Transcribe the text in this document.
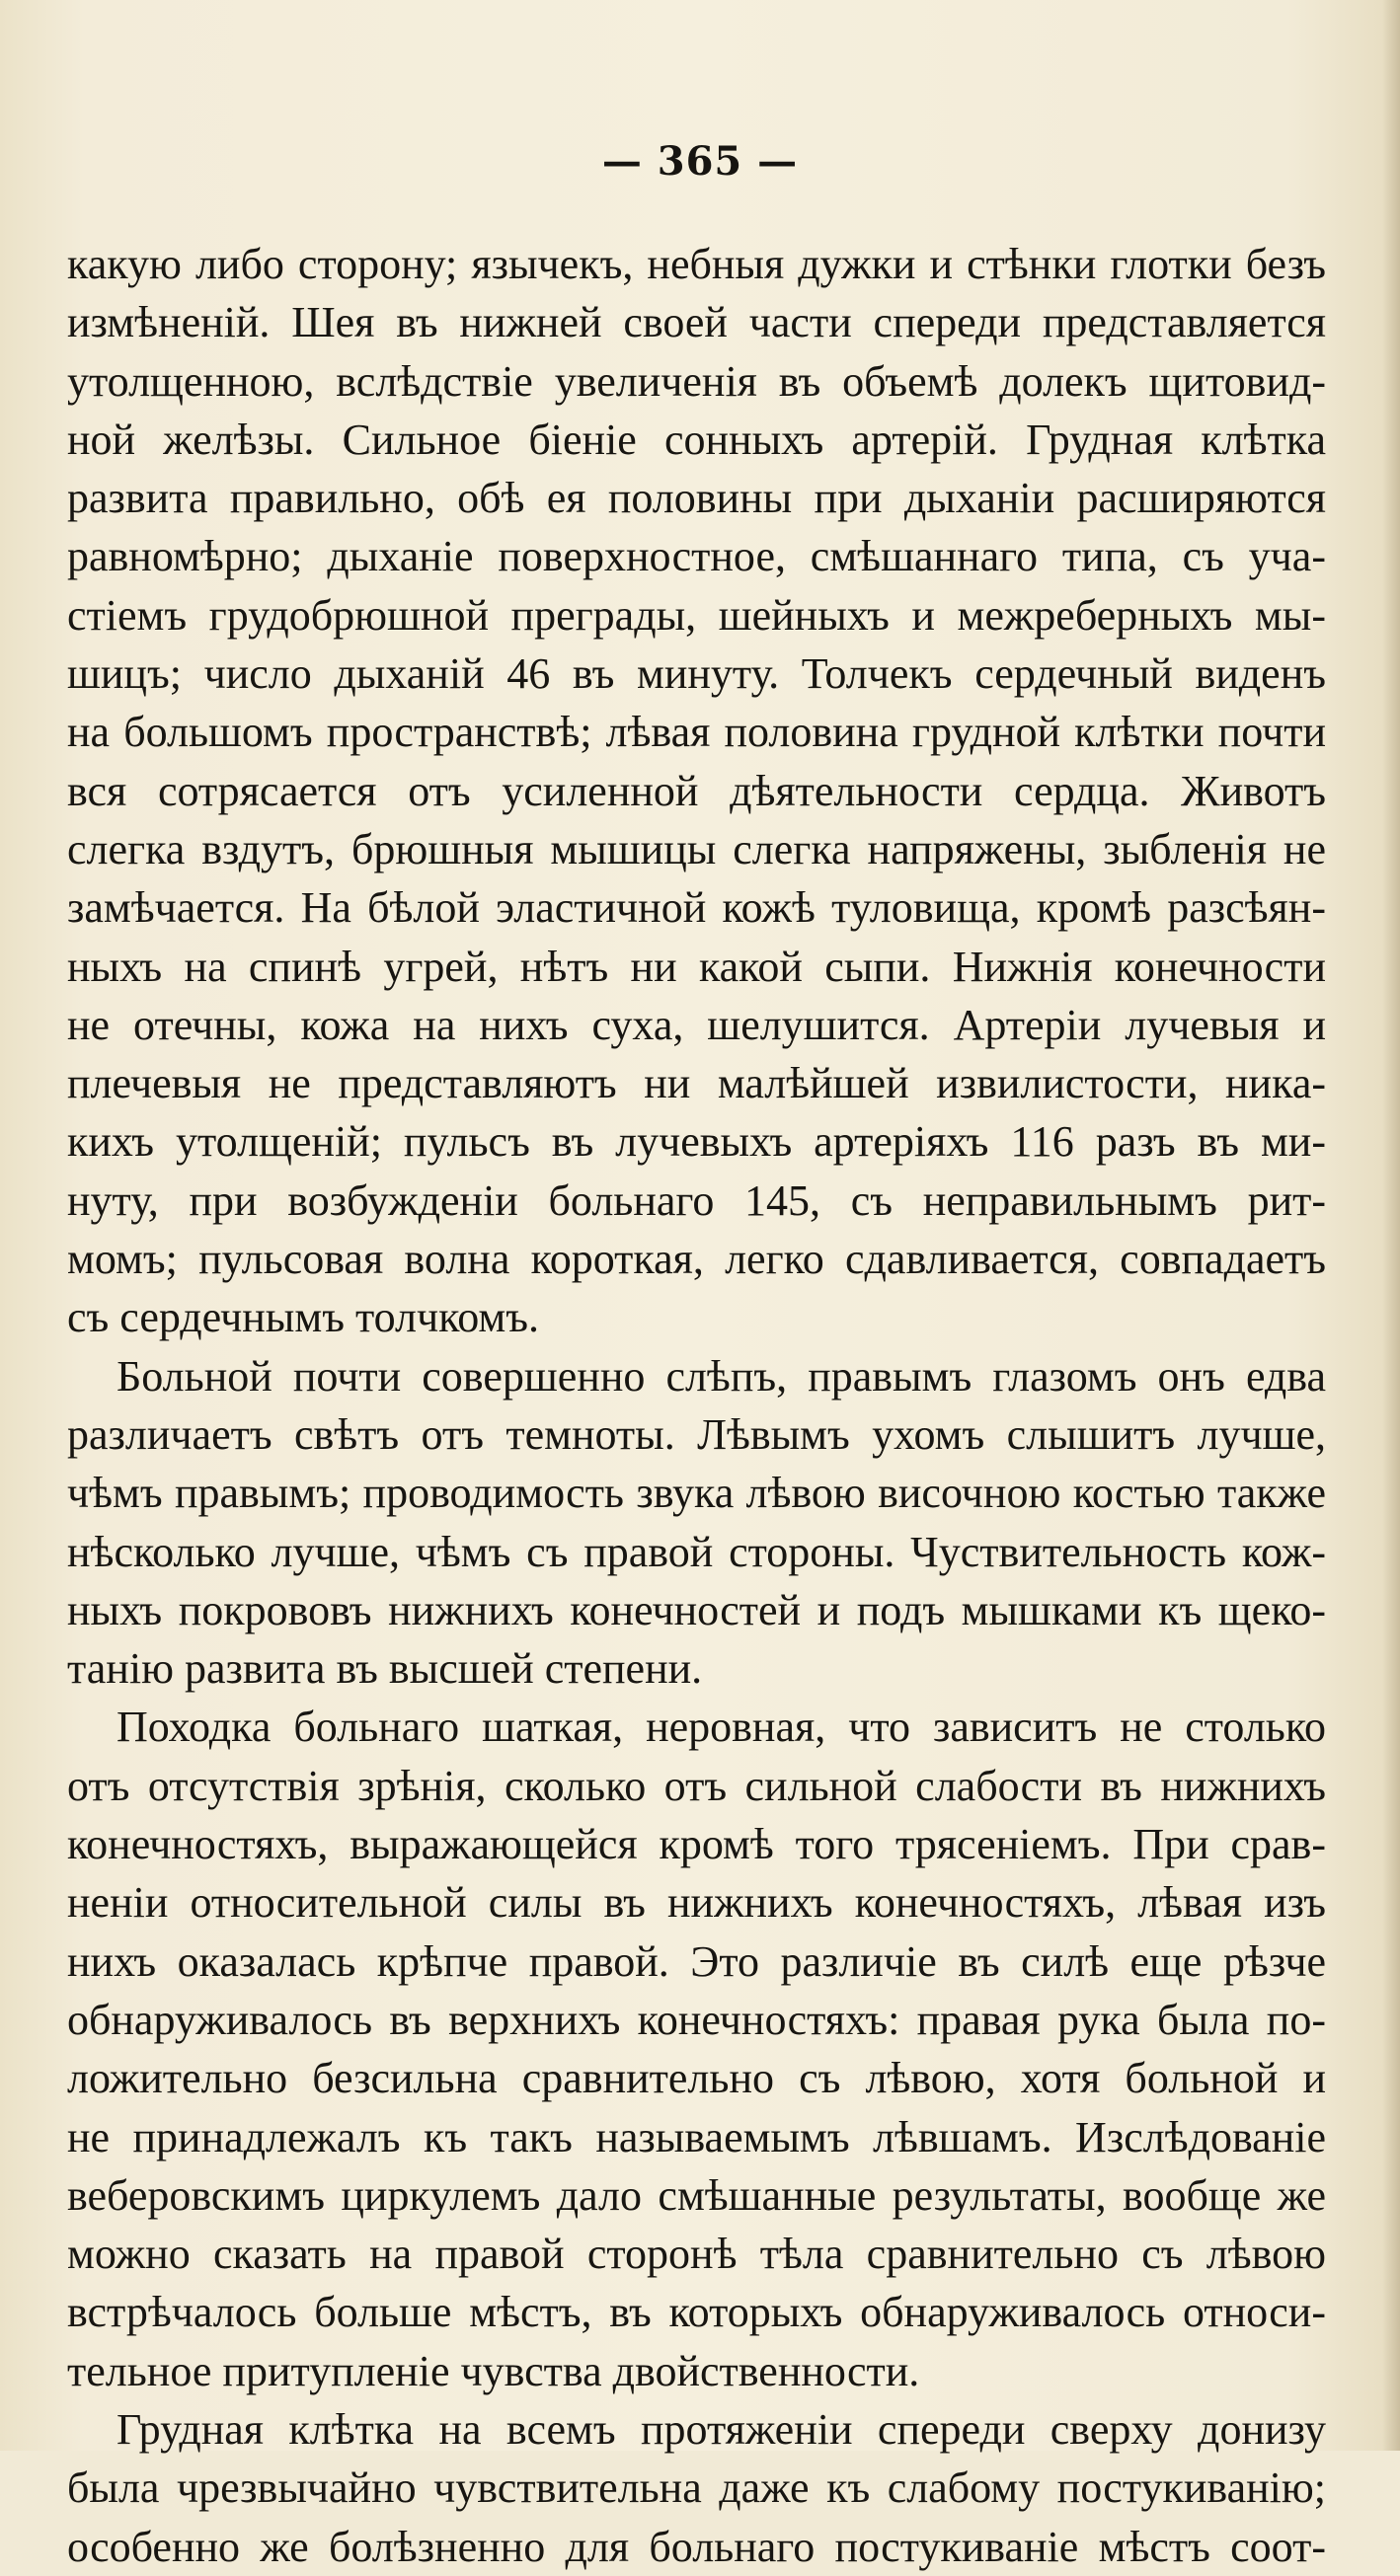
— 365 —
какую либо сторону; язычекъ, небныя дужки и стѣнки глотки безъ
измѣненій. Шея въ нижней своей части спереди представляется
утолщенною, вслѣдствіе увеличенія въ объемѣ долекъ щитовид-
ной желѣзы. Сильное біеніе сонныхъ артерій. Грудная клѣтка
развита правильно, обѣ ея половины при дыханіи расширяются
равномѣрно; дыханіе поверхностное, смѣшаннаго типа, съ уча-
стіемъ грудобрюшной преграды, шейныхъ и межреберныхъ мы-
шицъ; число дыханій 46 въ минуту. Толчекъ сердечный виденъ
на большомъ пространствѣ; лѣвая половина грудной клѣтки почти
вся сотрясается отъ усиленной дѣятельности сердца. Животъ
слегка вздутъ, брюшныя мышицы слегка напряжены, зыбленія не
замѣчается. На бѣлой эластичной кожѣ туловища, кромѣ разсѣян-
ныхъ на спинѣ угрей, нѣтъ ни какой сыпи. Нижнія конечности
не отечны, кожа на нихъ суха, шелушится. Артеріи лучевыя и
плечевыя не представляютъ ни малѣйшей извилистости, ника-
кихъ утолщеній; пульсъ въ лучевыхъ артеріяхъ 116 разъ въ ми-
нуту, при возбужденіи больнаго 145, съ неправильнымъ рит-
момъ; пульсовая волна короткая, легко сдавливается, совпадаетъ
съ сердечнымъ толчкомъ.
Больной почти совершенно слѣпъ, правымъ глазомъ онъ едва
различаетъ свѣтъ отъ темноты. Лѣвымъ ухомъ слышитъ лучше,
чѣмъ правымъ; проводимость звука лѣвою височною костью также
нѣсколько лучше, чѣмъ съ правой стороны. Чуствительность кож-
ныхъ покрововъ нижнихъ конечностей и подъ мышками къ щеко-
танію развита въ высшей степени.
Походка больнаго шаткая, неровная, что зависитъ не столько
отъ отсутствія зрѣнія, сколько отъ сильной слабости въ нижнихъ
конечностяхъ, выражающейся кромѣ того трясеніемъ. При срав-
неніи относительной силы въ нижнихъ конечностяхъ, лѣвая изъ
нихъ оказалась крѣпче правой. Это различіе въ силѣ еще рѣзче
обнаруживалось въ верхнихъ конечностяхъ: правая рука была по-
ложительно безсильна сравнительно съ лѣвою, хотя больной и
не принадлежалъ къ такъ называемымъ лѣвшамъ. Изслѣдованіе
веберовскимъ циркулемъ дало смѣшанные результаты, вообще же
можно сказать на правой сторонѣ тѣла сравнительно съ лѣвою
встрѣчалось больше мѣстъ, въ которыхъ обнаруживалось относи-
тельное притупленіе чувства двойственности.
Грудная клѣтка на всемъ протяженіи спереди сверху донизу
была чрезвычайно чувствительна даже къ слабому постукиванію;
особенно же болѣзненно для больнаго постукиваніе мѣстъ соот-
